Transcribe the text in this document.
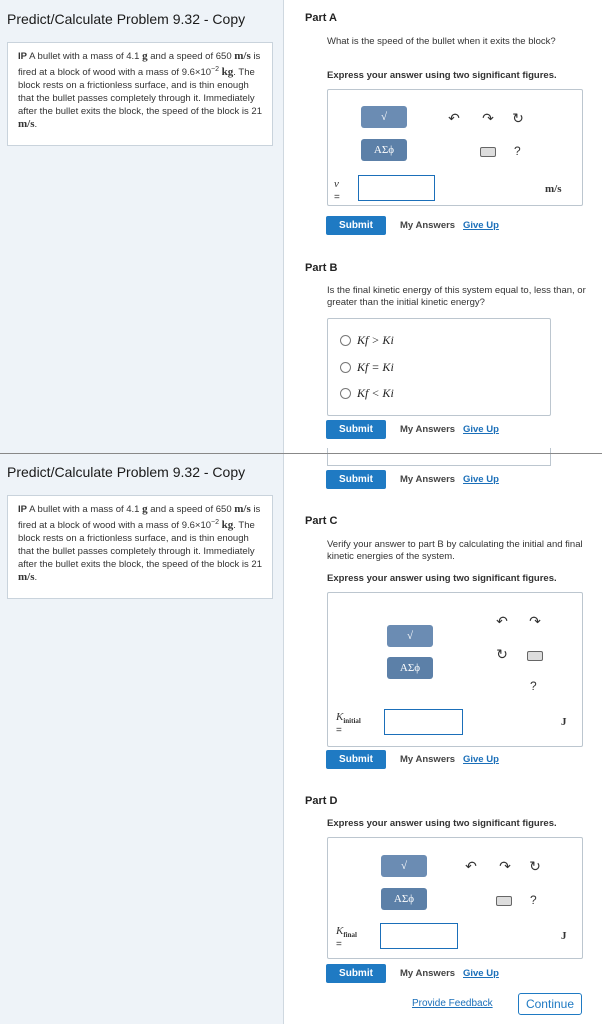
Predict/Calculate Problem 9.32 - Copy
IP A bullet with a mass of 4.1 g and a speed of 650 m/s is fired at a block of wood with a mass of $9.6\times 10^{-2}$ kg. The block rests on a frictionless surface, and is thin enough that the bullet passes completely through it. Immediately after the bullet exits the block, the speed of the block is 21 m/s.
Part A
What is the speed of the bullet when it exits the block?
Express your answer using two significant figures.
√
ΑΣϕ
↶ ↷ ↻
?
v
=
m/s
Submit	My Answers Give Up
Part B
Is the final kinetic energy of this system equal to, less than, or greater than the initial kinetic energy?
Kf > Ki
Kf = Ki
Kf < Ki
Submit	My Answers Give Up
Predict/Calculate Problem 9.32 - Copy
IP A bullet with a mass of 4.1 g and a speed of 650 m/s is fired at a block of wood with a mass of $9.6\times 10^{-2}$ kg. The block rests on a frictionless surface, and is thin enough that the bullet passes completely through it. Immediately after the bullet exits the block, the speed of the block is 21 m/s.
Submit	My Answers Give Up
Part C
Verify your answer to part B by calculating the initial and final kinetic energies of the system.
Express your answer using two significant figures.
√
ΑΣϕ
↶ ↷
↻
?
$K_{initial}$
=
J
Submit	My Answers Give Up
Part D
Express your answer using two significant figures.
√
ΑΣϕ
↶ ↷ ↻
?
$K_{final}$
=
J
Submit	My Answers Give Up
Provide Feedback	Continue
